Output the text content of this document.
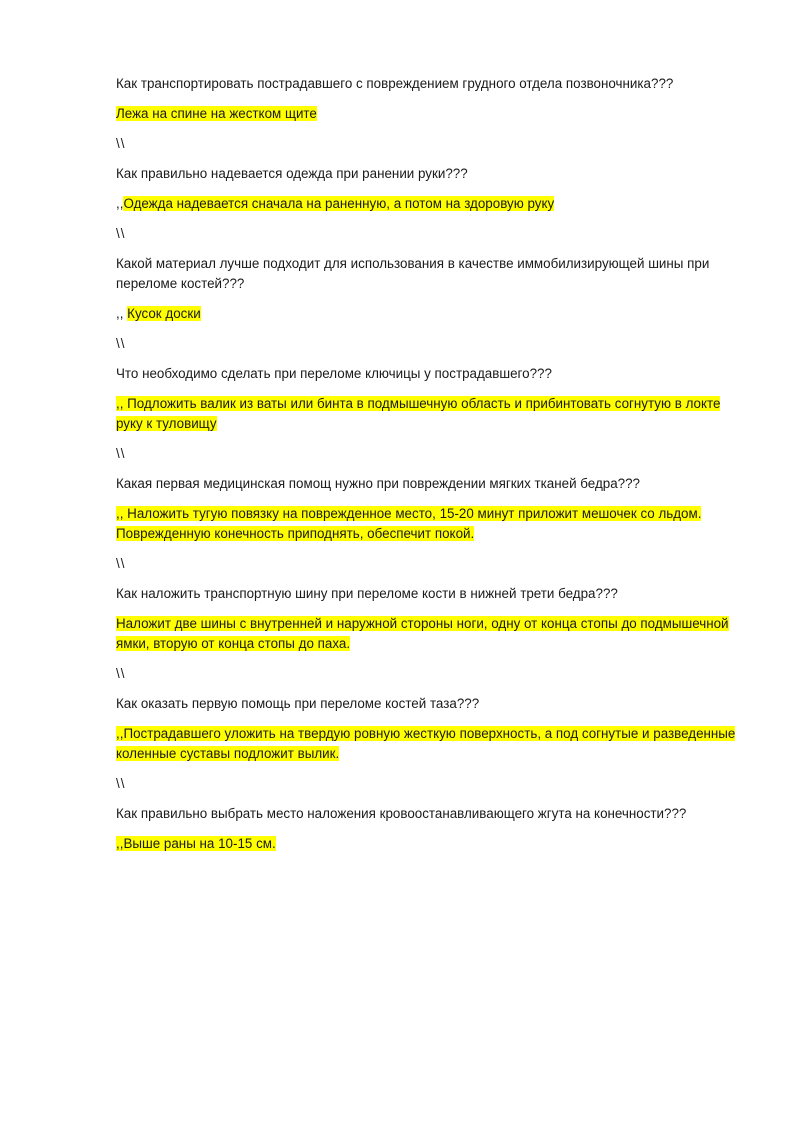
Как транспортировать пострадавшего с повреждением грудного отдела позвоночника???

Лежа на спине на жестком щите

\\

Как правильно надевается одежда при ранении руки???

,,Одежда надевается сначала на раненную, а потом на здоровую руку

\\

Какой материал лучше подходит для использования в качестве иммобилизирующей шины при переломе костей???

,, Кусок доски

\\

Что необходимо сделать при переломе ключицы у пострадавшего???

,, Подложить валик из ваты или бинта в подмышечную область и прибинтовать согнутую в локте руку к туловищу

\\

Какая первая медицинская помощ нужно при повреждении мягких тканей бедра???

,, Наложить тугую повязку на поврежденное место, 15-20 минут приложит мешочек со льдом. Поврежденную конечность приподнять, обеспечит покой.

\\

Как наложить транспортную шину при переломе кости в нижней трети бедра???

Наложит две шины с внутренней и наружной стороны ноги, одну от конца стопы до подмышечной ямки, вторую от конца стопы до паха.

\\

Как оказать первую помощь при переломе костей таза???

,,Пострадавшего уложить на твердую ровную жесткую поверхность, а под согнутые и разведенные коленные суставы подложит вылик.

\\

Как правильно выбрать место наложения кровоостанавливающего жгута на конечности???

,,Выше раны на 10-15 см.
